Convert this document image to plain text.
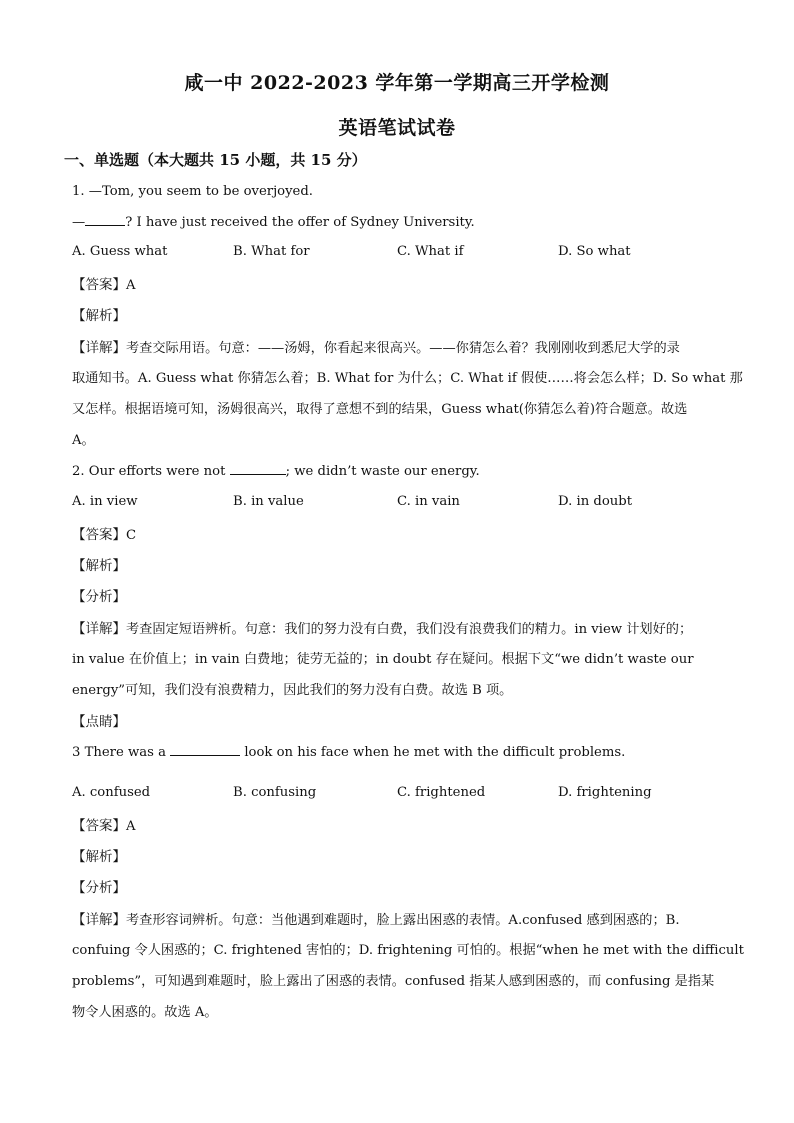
咸一中 2022-2023 学年第一学期高三开学检测
英语笔试试卷
一、单选题（本大题共 15 小题，共 15 分）
1. —Tom, you seem to be overjoyed.
—	? I have just received the offer of Sydney University.
A. Guess what	B. What for	C. What if	D. So what
【答案】A
【解析】
【详解】考查交际用语。句意：——汤姆，你看起来很高兴。——你猜怎么着？我刚刚收到悉尼大学的录
取通知书。A. Guess what 你猜怎么着；B. What for 为什么；C. What if 假使……将会怎么样；D. So what 那
又怎样。根据语境可知，汤姆很高兴，取得了意想不到的结果，Guess what(你猜怎么着)符合题意。故选
A。
2. Our efforts were not	; we didn’t waste our energy.
A. in view	B. in value	C. in vain	D. in doubt
【答案】C
【解析】
【分析】
【详解】考查固定短语辨析。句意：我们的努力没有白费，我们没有浪费我们的精力。in view 计划好的；
in value 在价值上；in vain 白费地；徒劳无益的；in doubt 存在疑问。根据下文“we didn’t waste our
energy”可知，我们没有浪费精力，因此我们的努力没有白费。故选 B 项。
【点睛】
3 There was a	look on his face when he met with the difficult problems.
A. confused	B. confusing	C. frightened	D. frightening
【答案】A
【解析】
【分析】
【详解】考查形容词辨析。句意：当他遇到难题时，脸上露出困惑的表情。A.confused 感到困惑的；B.
confuing 令人困惑的；C. frightened 害怕的；D. frightening 可怕的。根据“when he met with the difficult
problems”，可知遇到难题时，脸上露出了困惑的表情。confused 指某人感到困惑的，而 confusing 是指某
物令人困惑的。故选 A。
